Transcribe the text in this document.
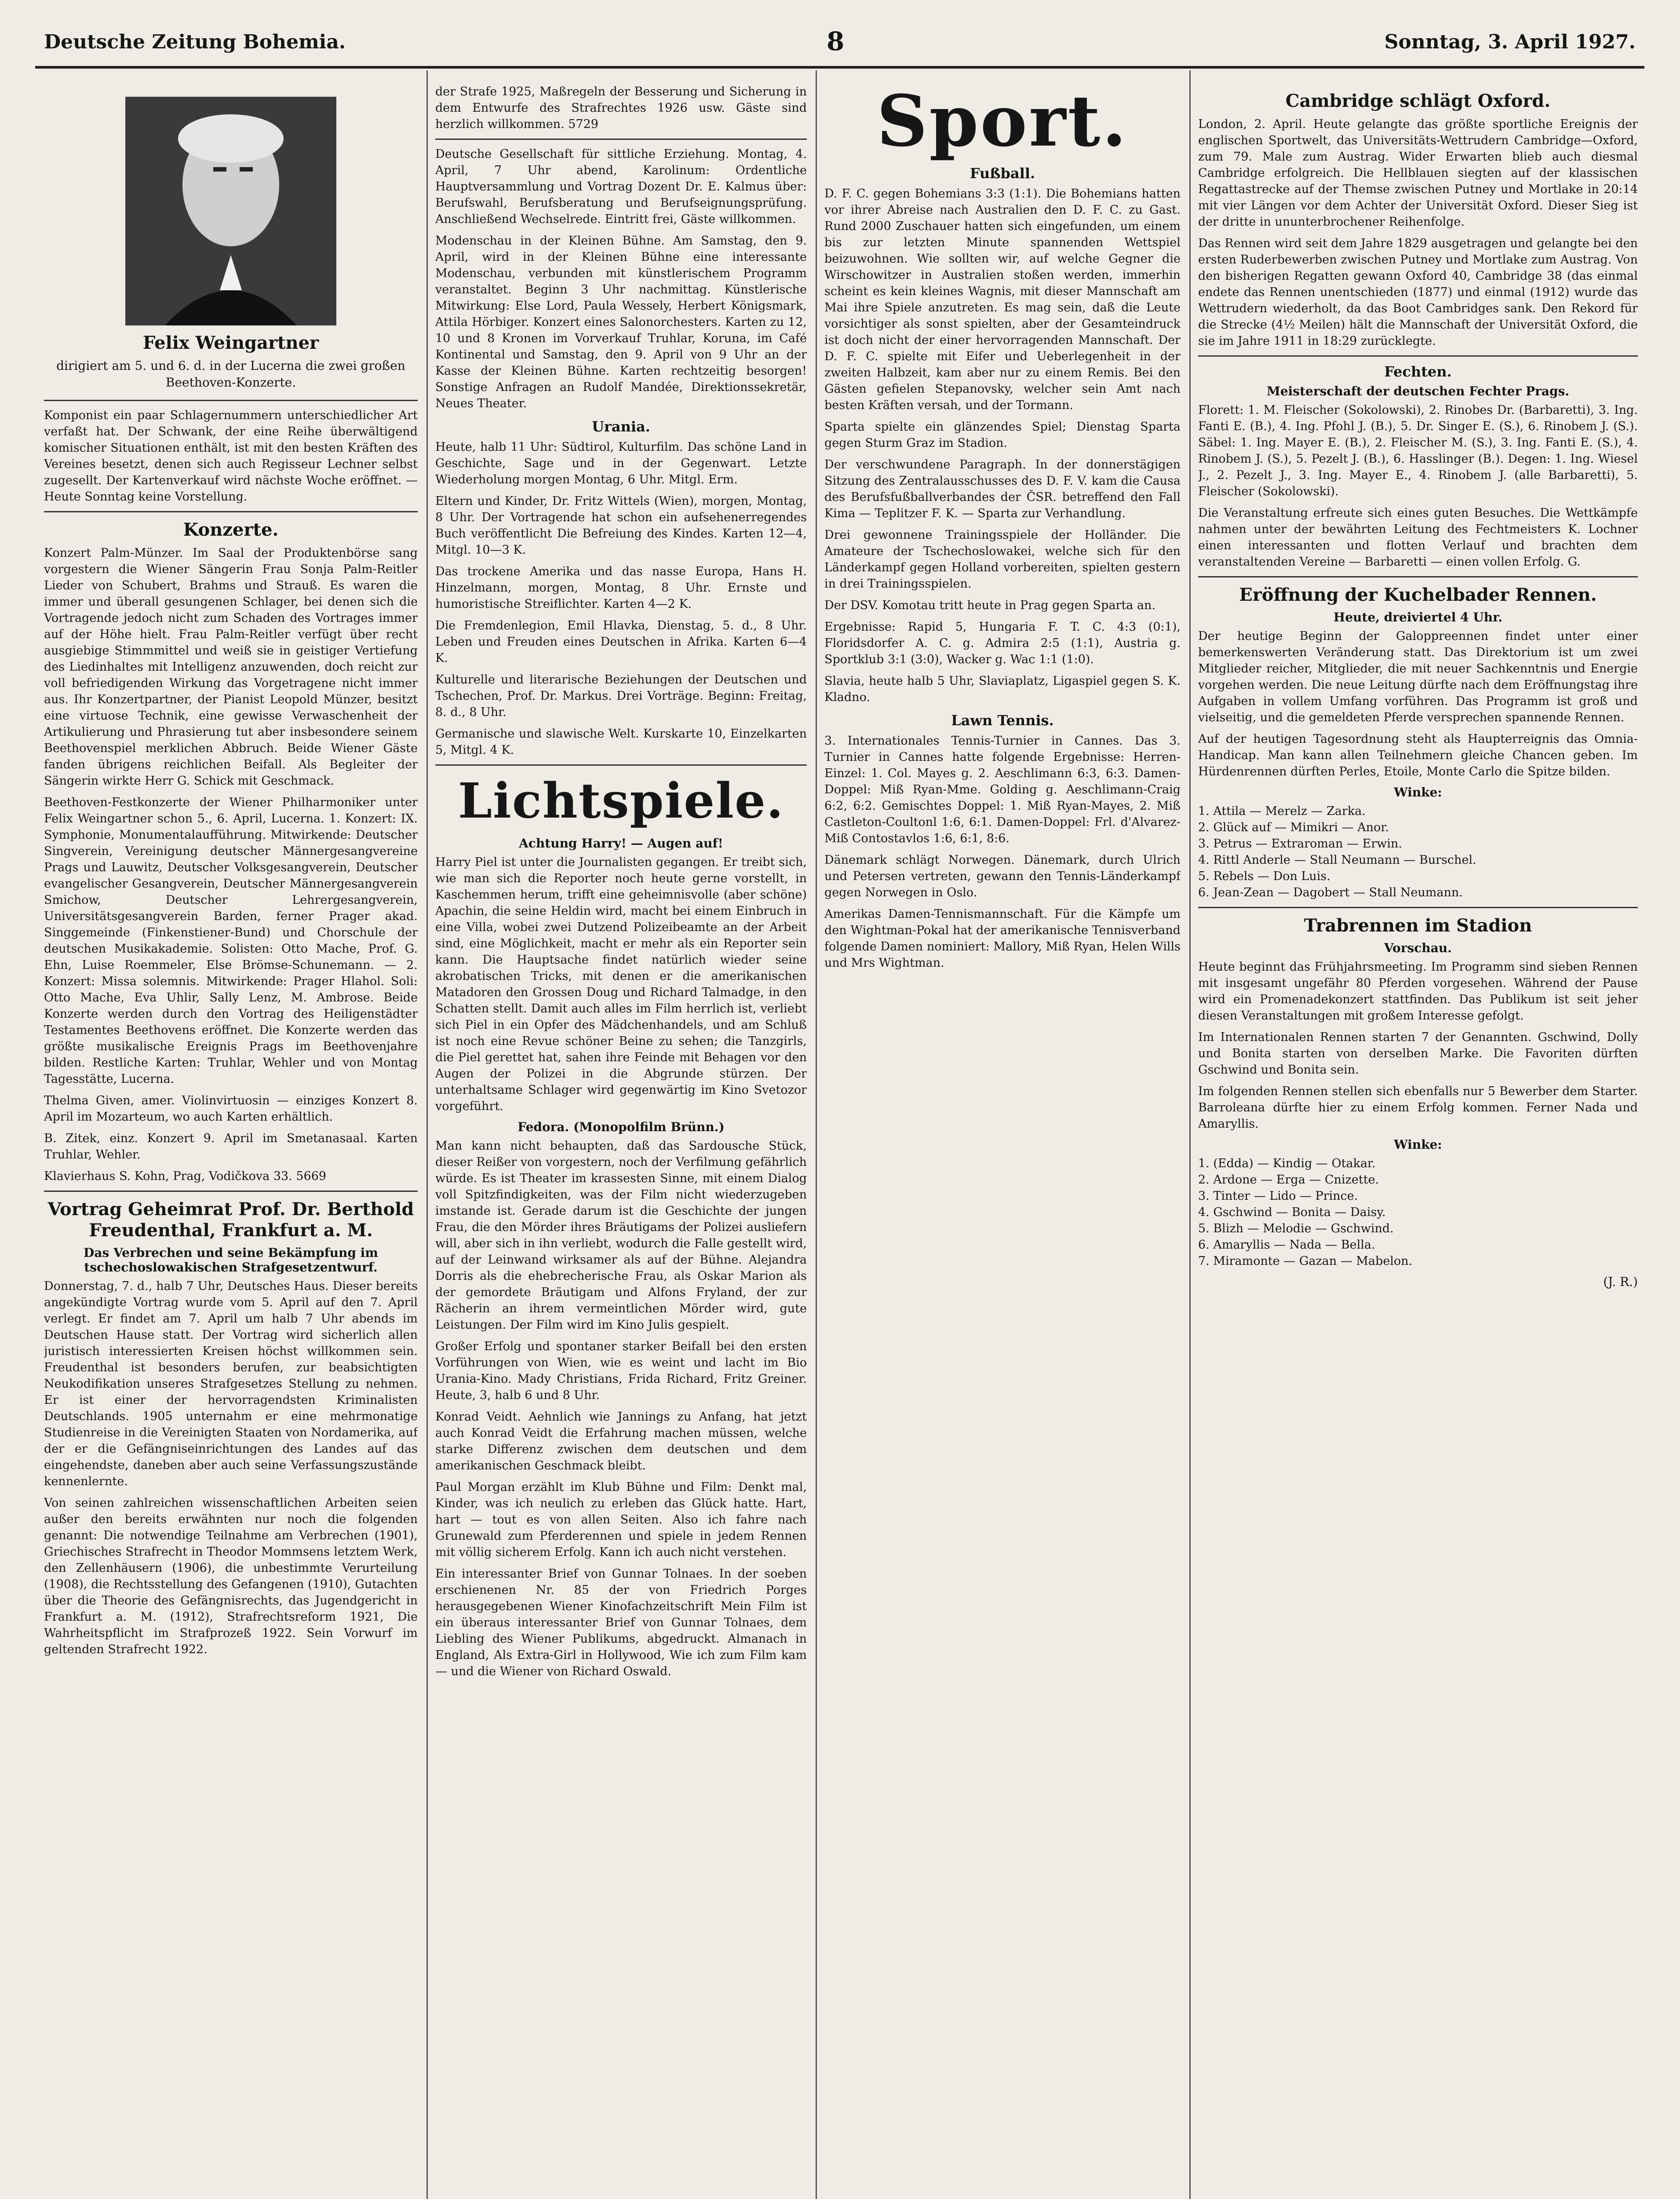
Deutsche Zeitung Bohemia.	8	Sonntag, 3. April 1927.
Felix Weingartner
dirigiert am 5. und 6. d. in der Lucerna die zwei großen Beethoven-Konzerte.

Komponist ein paar Schlagernummern unterschiedlicher Art verfaßt hat. Der Schwank, der eine Reihe überwältigend komischer Situationen enthält, ist mit den besten Kräften des Vereines besetzt, denen sich auch Regisseur Lechner selbst zugesellt. Der Kartenverkauf wird nächste Woche eröffnet. — Heute Sonntag keine Vorstellung.

Konzerte.

Konzert Palm-Münzer. Im Saal der Produktenbörse sang vorgestern die Wiener Sängerin Frau Sonja Palm-Reitler Lieder von Schubert, Brahms und Strauß. Es waren die immer und überall gesungenen Schlager, bei denen sich die Vortragende jedoch nicht zum Schaden des Vortrages immer auf der Höhe hielt. Frau Palm-Reitler verfügt über recht ausgiebige Stimmmittel und weiß sie in geistiger Vertiefung des Liedinhaltes mit Intelligenz anzuwenden, doch reicht zur voll befriedigenden Wirkung das Vorgetragene nicht immer aus. Ihr Konzertpartner, der Pianist Leopold Münzer, besitzt eine virtuose Technik, eine gewisse Verwaschenheit der Artikulierung und Phrasierung tut aber insbesondere seinem Beethovenspiel merklichen Abbruch. Beide Wiener Gäste fanden übrigens reichlichen Beifall. Als Begleiter der Sängerin wirkte Herr G. Schick mit Geschmack.

Beethoven-Festkonzerte der Wiener Philharmoniker unter Felix Weingartner schon 5., 6. April, Lucerna. 1. Konzert: IX. Symphonie, Monumentalaufführung. Mitwirkende: Deutscher Singverein, Vereinigung deutscher Männergesangvereine Prags und Lauwitz, Deutscher Volksgesangverein, Deutscher evangelischer Gesangverein, Deutscher Männergesangverein Smichow, Deutscher Lehrergesangverein, Universitätsgesangverein Barden, ferner Prager akad. Singgemeinde (Finkenstiener-Bund) und Chorschule der deutschen Musikakademie. Solisten: Otto Mache, Prof. G. Ehn, Luise Roemmeler, Else Brömse-Schunemann. — 2. Konzert: Missa solemnis. Mitwirkende: Prager Hlahol. Soli: Otto Mache, Eva Uhlir, Sally Lenz, M. Ambrose. Beide Konzerte werden durch den Vortrag des Heiligenstädter Testamentes Beethovens eröffnet. Die Konzerte werden das größte musikalische Ereignis Prags im Beethovenjahre bilden. Restliche Karten: Truhlar, Wehler und von Montag Tagesstätte, Lucerna.

Thelma Given, amer. Violinvirtuosin — einziges Konzert 8. April im Mozarteum, wo auch Karten erhältlich.

B. Zitek, einz. Konzert 9. April im Smetanasaal. Karten Truhlar, Wehler.

Klavierhaus S. Kohn, Prag, Vodičkova 33. 5669

Vortrag Geheimrat Prof. Dr. Berthold Freudenthal, Frankfurt a. M.
Das Verbrechen und seine Bekämpfung im tschechoslowakischen Strafgesetzentwurf.

Donnerstag, 7. d., halb 7 Uhr, Deutsches Haus. Dieser bereits angekündigte Vortrag wurde vom 5. April auf den 7. April verlegt. Er findet am 7. April um halb 7 Uhr abends im Deutschen Hause statt. Der Vortrag wird sicherlich allen juristisch interessierten Kreisen höchst willkommen sein. Freudenthal ist besonders berufen, zur beabsichtigten Neukodifikation unseres Strafgesetzes Stellung zu nehmen. Er ist einer der hervorragendsten Kriminalisten Deutschlands. 1905 unternahm er eine mehrmonatige Studienreise in die Vereinigten Staaten von Nordamerika, auf der er die Gefängniseinrichtungen des Landes auf das eingehendste, daneben aber auch seine Verfassungszustände kennenlernte.

Von seinen zahlreichen wissenschaftlichen Arbeiten seien außer den bereits erwähnten nur noch die folgenden genannt: Die notwendige Teilnahme am Verbrechen (1901), Griechisches Strafrecht in Theodor Mommsens letztem Werk, den Zellenhäusern (1906), die unbestimmte Verurteilung (1908), die Rechtsstellung des Gefangenen (1910), Gutachten über die Theorie des Gefängnisrechts, das Jugendgericht in Frankfurt a. M. (1912), Strafrechtsreform 1921, Die Wahrheitspflicht im Strafprozeß 1922. Sein Vorwurf im geltenden Strafrecht 1922.

der Strafe 1925, Maßregeln der Besserung und Sicherung in dem Entwurfe des Strafrechtes 1926 usw. Gäste sind herzlich willkommen. 5729

Deutsche Gesellschaft für sittliche Erziehung. Montag, 4. April, 7 Uhr abend, Karolinum: Ordentliche Hauptversammlung und Vortrag Dozent Dr. E. Kalmus über: Berufswahl, Berufsberatung und Berufseignungsprüfung. Anschließend Wechselrede. Eintritt frei, Gäste willkommen.

Modenschau in der Kleinen Bühne. Am Samstag, den 9. April, wird in der Kleinen Bühne eine interessante Modenschau, verbunden mit künstlerischem Programm veranstaltet. Beginn 3 Uhr nachmittag. Künstlerische Mitwirkung: Else Lord, Paula Wessely, Herbert Königsmark, Attila Hörbiger. Konzert eines Salonorchesters. Karten zu 12, 10 und 8 Kronen im Vorverkauf Truhlar, Koruna, im Café Kontinental und Samstag, den 9. April von 9 Uhr an der Kasse der Kleinen Bühne. Karten rechtzeitig besorgen! Sonstige Anfragen an Rudolf Mandée, Direktionssekretär, Neues Theater.

Urania.

Heute, halb 11 Uhr: Südtirol, Kulturfilm. Das schöne Land in Geschichte, Sage und in der Gegenwart. Letzte Wiederholung morgen Montag, 6 Uhr. Mitgl. Erm.

Eltern und Kinder, Dr. Fritz Wittels (Wien), morgen, Montag, 8 Uhr. Der Vortragende hat schon ein aufsehenerregendes Buch veröffentlicht Die Befreiung des Kindes. Karten 12—4, Mitgl. 10—3 K.

Das trockene Amerika und das nasse Europa, Hans H. Hinzelmann, morgen, Montag, 8 Uhr. Ernste und humoristische Streiflichter. Karten 4—2 K.

Die Fremdenlegion, Emil Hlavka, Dienstag, 5. d., 8 Uhr. Leben und Freuden eines Deutschen in Afrika. Karten 6—4 K.

Kulturelle und literarische Beziehungen der Deutschen und Tschechen, Prof. Dr. Markus. Drei Vorträge. Beginn: Freitag, 8. d., 8 Uhr.

Germanische und slawische Welt. Kurskarte 10, Einzelkarten 5, Mitgl. 4 K.

Lichtspiele.
Achtung Harry! — Augen auf!

Harry Piel ist unter die Journalisten gegangen. Er treibt sich, wie man sich die Reporter noch heute gerne vorstellt, in Kaschemmen herum, trifft eine geheimnisvolle (aber schöne) Apachin, die seine Heldin wird, macht bei einem Einbruch in eine Villa, wobei zwei Dutzend Polizeibeamte an der Arbeit sind, eine Möglichkeit, macht er mehr als ein Reporter sein kann. Die Hauptsache findet natürlich wieder seine akrobatischen Tricks, mit denen er die amerikanischen Matadoren den Grossen Doug und Richard Talmadge, in den Schatten stellt. Damit auch alles im Film herrlich ist, verliebt sich Piel in ein Opfer des Mädchenhandels, und am Schluß ist noch eine Revue schöner Beine zu sehen; die Tanzgirls, die Piel gerettet hat, sahen ihre Feinde mit Behagen vor den Augen der Polizei in die Abgrunde stürzen. Der unterhaltsame Schlager wird gegenwärtig im Kino Svetozor vorgeführt.

Fedora. (Monopolfilm Brünn.)

Man kann nicht behaupten, daß das Sardousche Stück, dieser Reißer von vorgestern, noch der Verfilmung gefährlich würde. Es ist Theater im krassesten Sinne, mit einem Dialog voll Spitzfindigkeiten, was der Film nicht wiederzugeben imstande ist. Gerade darum ist die Geschichte der jungen Frau, die den Mörder ihres Bräutigams der Polizei ausliefern will, aber sich in ihn verliebt, wodurch die Falle gestellt wird, auf der Leinwand wirksamer als auf der Bühne. Alejandra Dorris als die ehebrecherische Frau, als Oskar Marion als der gemordete Bräutigam und Alfons Fryland, der zur Rächerin an ihrem vermeintlichen Mörder wird, gute Leistungen. Der Film wird im Kino Julis gespielt.

Großer Erfolg und spontaner starker Beifall bei den ersten Vorführungen von Wien, wie es weint und lacht im Bio Urania-Kino. Mady Christians, Frida Richard, Fritz Greiner. Heute, 3, halb 6 und 8 Uhr.

Konrad Veidt. Aehnlich wie Jannings zu Anfang, hat jetzt auch Konrad Veidt die Erfahrung machen müssen, welche starke Differenz zwischen dem deutschen und dem amerikanischen Geschmack bleibt.

Paul Morgan erzählt im Klub Bühne und Film: Denkt mal, Kinder, was ich neulich zu erleben das Glück hatte. Hart, hart — tout es von allen Seiten. Also ich fahre nach Grunewald zum Pferderennen und spiele in jedem Rennen mit völlig sicherem Erfolg. Kann ich auch nicht verstehen.

Ein interessanter Brief von Gunnar Tolnaes. In der soeben erschienenen Nr. 85 der von Friedrich Porges herausgegebenen Wiener Kinofachzeitschrift Mein Film ist ein überaus interessanter Brief von Gunnar Tolnaes, dem Liebling des Wiener Publikums, abgedruckt. Almanach in England, Als Extra-Girl in Hollywood, Wie ich zum Film kam — und die Wiener von Richard Oswald.

Sport.
Fußball.

D. F. C. gegen Bohemians 3:3 (1:1). Die Bohemians hatten vor ihrer Abreise nach Australien den D. F. C. zu Gast. Rund 2000 Zuschauer hatten sich eingefunden, um einem bis zur letzten Minute spannenden Wettspiel beizuwohnen. Wie sollten wir, auf welche Gegner die Wirschowitzer in Australien stoßen werden, immerhin scheint es kein kleines Wagnis, mit dieser Mannschaft am Mai ihre Spiele anzutreten. Es mag sein, daß die Leute vorsichtiger als sonst spielten, aber der Gesamteindruck ist doch nicht der einer hervorragenden Mannschaft. Der D. F. C. spielte mit Eifer und Ueberlegenheit in der zweiten Halbzeit, kam aber nur zu einem Remis. Bei den Gästen gefielen Stepanovsky, welcher sein Amt nach besten Kräften versah, und der Tormann.

Sparta spielte ein glänzendes Spiel; Dienstag Sparta gegen Sturm Graz im Stadion.

Der verschwundene Paragraph. In der donnerstägigen Sitzung des Zentralausschusses des D. F. V. kam die Causa des Berufsfußballverbandes der ČSR. betreffend den Fall Kima — Teplitzer F. K. — Sparta zur Verhandlung.

Drei gewonnene Trainingsspiele der Holländer. Die Amateure der Tschechoslowakei, welche sich für den Länderkampf gegen Holland vorbereiten, spielten gestern in drei Trainingsspielen.

Der DSV. Komotau tritt heute in Prag gegen Sparta an.

Ergebnisse: Rapid 5, Hungaria F. T. C. 4:3 (0:1), Floridsdorfer A. C. g. Admira 2:5 (1:1), Austria g. Sportklub 3:1 (3:0), Wacker g. Wac 1:1 (1:0).

Slavia, heute halb 5 Uhr, Slaviaplatz, Ligaspiel gegen S. K. Kladno.

Lawn Tennis.

3. Internationales Tennis-Turnier in Cannes. Das 3. Turnier in Cannes hatte folgende Ergebnisse: Herren-Einzel: 1. Col. Mayes g. 2. Aeschlimann 6:3, 6:3. Damen-Doppel: Miß Ryan-Mme. Golding g. Aeschlimann-Craig 6:2, 6:2. Gemischtes Doppel: 1. Miß Ryan-Mayes, 2. Miß Castleton-Coultonl 1:6, 6:1. Damen-Doppel: Frl. d'Alvarez-Miß Contostavlos 1:6, 6:1, 8:6.

Dänemark schlägt Norwegen. Dänemark, durch Ulrich und Petersen vertreten, gewann den Tennis-Länderkampf gegen Norwegen in Oslo.

Amerikas Damen-Tennismannschaft. Für die Kämpfe um den Wightman-Pokal hat der amerikanische Tennisverband folgende Damen nominiert: Mallory, Miß Ryan, Helen Wills und Mrs Wightman.

Cambridge schlägt Oxford.

London, 2. April. Heute gelangte das größte sportliche Ereignis der englischen Sportwelt, das Universitäts-Wettrudern Cambridge—Oxford, zum 79. Male zum Austrag. Wider Erwarten blieb auch diesmal Cambridge erfolgreich. Die Hellblauen siegten auf der klassischen Regattastrecke auf der Themse zwischen Putney und Mortlake in 20:14 mit vier Längen vor dem Achter der Universität Oxford. Dieser Sieg ist der dritte in ununterbrochener Reihenfolge.

Das Rennen wird seit dem Jahre 1829 ausgetragen und gelangte bei den ersten Ruderbewerben zwischen Putney und Mortlake zum Austrag. Von den bisherigen Regatten gewann Oxford 40, Cambridge 38 (das einmal endete das Rennen unentschieden (1877) und einmal (1912) wurde das Wettrudern wiederholt, da das Boot Cambridges sank. Den Rekord für die Strecke (4½ Meilen) hält die Mannschaft der Universität Oxford, die sie im Jahre 1911 in 18:29 zurücklegte.

Fechten.
Meisterschaft der deutschen Fechter Prags.

Florett: 1. M. Fleischer (Sokolowski), 2. Rinobes Dr. (Barbaretti), 3. Ing. Fanti E. (B.), 4. Ing. Pfohl J. (B.), 5. Dr. Singer E. (S.), 6. Rinobem J. (S.). Säbel: 1. Ing. Mayer E. (B.), 2. Fleischer M. (S.), 3. Ing. Fanti E. (S.), 4. Rinobem J. (S.), 5. Pezelt J. (B.), 6. Hasslinger (B.). Degen: 1. Ing. Wiesel J., 2. Pezelt J., 3. Ing. Mayer E., 4. Rinobem J. (alle Barbaretti), 5. Fleischer (Sokolowski).

Die Veranstaltung erfreute sich eines guten Besuches. Die Wettkämpfe nahmen unter der bewährten Leitung des Fechtmeisters K. Lochner einen interessanten und flotten Verlauf und brachten dem veranstaltenden Vereine — Barbaretti — einen vollen Erfolg. G.

Eröffnung der Kuchelbader Rennen.
Heute, dreiviertel 4 Uhr.

Der heutige Beginn der Galoppreennen findet unter einer bemerkenswerten Veränderung statt. Das Direktorium ist um zwei Mitglieder reicher, Mitglieder, die mit neuer Sachkenntnis und Energie vorgehen werden. Die neue Leitung dürfte nach dem Eröffnungstag ihre Aufgaben in vollem Umfang vorführen. Das Programm ist groß und vielseitig, und die gemeldeten Pferde versprechen spannende Rennen.

Auf der heutigen Tagesordnung steht als Haupterreignis das Omnia-Handicap. Man kann allen Teilnehmern gleiche Chancen geben. Im Hürdenrennen dürften Perles, Etoile, Monte Carlo die Spitze bilden.

Winke:
1. Attila — Merelz — Zarka.
2. Glück auf — Mimikri — Anor.
3. Petrus — Extraroman — Erwin.
4. Rittl Anderle — Stall Neumann — Burschel.
5. Rebels — Don Luis.
6. Jean-Zean — Dagobert — Stall Neumann.
Trabrennen im Stadion
Vorschau.

Heute beginnt das Frühjahrsmeeting. Im Programm sind sieben Rennen mit insgesamt ungefähr 80 Pferden vorgesehen. Während der Pause wird ein Promenadekonzert stattfinden. Das Publikum ist seit jeher diesen Veranstaltungen mit großem Interesse gefolgt.

Im Internationalen Rennen starten 7 der Genannten. Gschwind, Dolly und Bonita starten von derselben Marke. Die Favoriten dürften Gschwind und Bonita sein.

Im folgenden Rennen stellen sich ebenfalls nur 5 Bewerber dem Starter. Barroleana dürfte hier zu einem Erfolg kommen. Ferner Nada und Amaryllis.

Winke:
1. (Edda) — Kindig — Otakar.
2. Ardone — Erga — Cnizette.
3. Tinter — Lido — Prince.
4. Gschwind — Bonita — Daisy.
5. Blizh — Melodie — Gschwind.
6. Amaryllis — Nada — Bella.
7. Miramonte — Gazan — Mabelon.
(J. R.)
